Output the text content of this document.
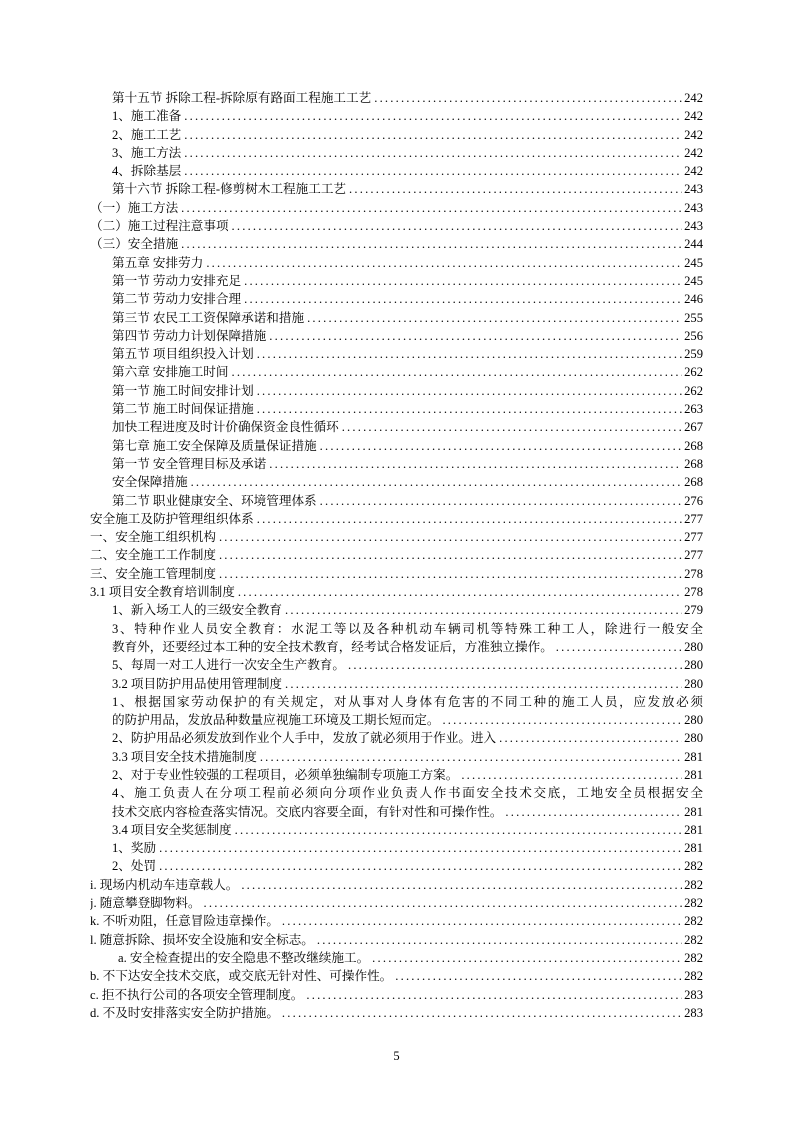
第十五节 拆除工程-拆除原有路面工程施工工艺 .....	242
1、施工准备 .....	242
2、施工工艺 .....	242
3、施工方法 .....	242
4、拆除基层 .....	242
第十六节 拆除工程-修剪树木工程施工工艺 .....	243
（一）施工方法 .....	243
（二）施工过程注意事项 .....	243
（三）安全措施 .....	244
第五章 安排劳力 .....	245
第一节 劳动力安排充足 .....	245
第二节 劳动力安排合理 .....	246
第三节 农民工工资保障承诺和措施 .....	255
第四节 劳动力计划保障措施 .....	256
第五节 项目组织投入计划 .....	259
第六章 安排施工时间 .....	262
第一节 施工时间安排计划 .....	262
第二节 施工时间保证措施 .....	263
加快工程进度及时计价确保资金良性循环 .....	267
第七章 施工安全保障及质量保证措施 .....	268
第一节 安全管理目标及承诺 .....	268
安全保障措施 .....	268
第二节 职业健康安全、环境管理体系 .....	276
安全施工及防护管理组织体系 .....	277
一、安全施工组织机构 .....	277
二、安全施工工作制度 .....	277
三、安全施工管理制度 .....	278
3.1 项目安全教育培训制度 .....	278
1、新入场工人的三级安全教育 .....	279
3、特种作业人员安全教育：水泥工等以及各种机动车辆司机等特殊工种工人，除进行一般安全
教育外，还要经过本工种的安全技术教育，经考试合格发证后，方准独立操作。 .....	280
5、每周一对工人进行一次安全生产教育。 .....	280
3.2 项目防护用品使用管理制度 .....	280
1、根据国家劳动保护的有关规定，对从事对人身体有危害的不同工种的施工人员，应发放必须
的防护用品，发放品种数量应视施工环境及工期长短而定。 .....	280
2、防护用品必须发放到作业个人手中，发放了就必须用于作业。进入 .....	280
3.3 项目安全技术措施制度 .....	281
2、对于专业性较强的工程项目，必须单独编制专项施工方案。 .....	281
4、施工负责人在分项工程前必须向分项作业负责人作书面安全技术交底，工地安全员根据安全
技术交底内容检查落实情况。交底内容要全面，有针对性和可操作性。 .....	281
3.4 项目安全奖惩制度 .....	281
1、奖励 .....	281
2、处罚 .....	282
i. 现场内机动车违章载人。 .....	282
j. 随意攀登脚物料。 .....	282
k. 不听劝阻，任意冒险违章操作。 .....	282
l. 随意拆除、损坏安全设施和安全标志。 .....	282
a. 安全检查提出的安全隐患不整改继续施工。 .....	282
b. 不下达安全技术交底，或交底无针对性、可操作性。 .....	282
c. 拒不执行公司的各项安全管理制度。 .....	283
d. 不及时安排落实安全防护措施。 .....	283
5
